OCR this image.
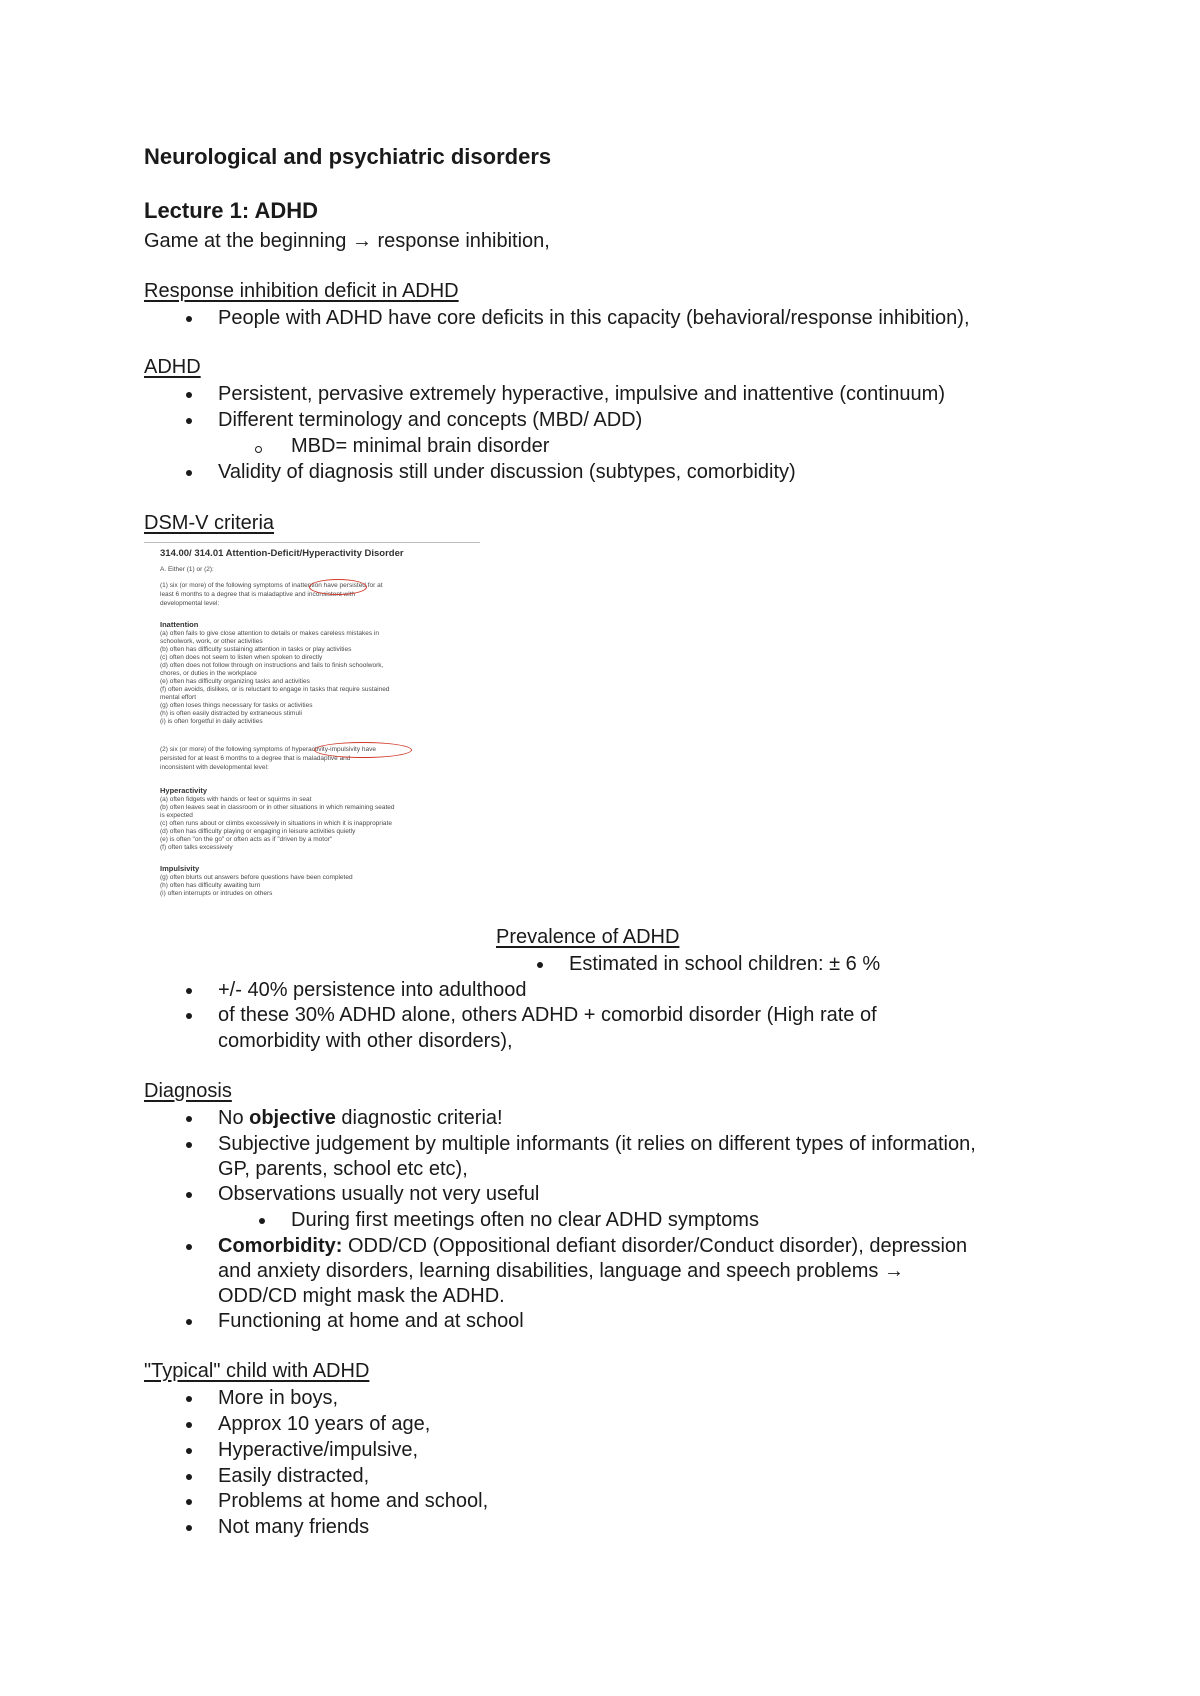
Neurological and psychiatric disorders
Lecture 1: ADHD
Game at the beginning → response inhibition,
Response inhibition deficit in ADHD
People with ADHD have core deficits in this capacity (behavioral/response inhibition),
ADHD
Persistent, pervasive extremely hyperactive, impulsive and inattentive (continuum)
Different terminology and concepts (MBD/ ADD)
MBD= minimal brain disorder
Validity of diagnosis still under discussion (subtypes, comorbidity)
DSM-V criteria
314.00/ 314.01 Attention-Deficit/Hyperactivity Disorder
A. Either (1) or (2):
(1) six (or more) of the following symptoms of inattention have persisted for at
least 6 months to a degree that is maladaptive and inconsistent with
developmental level:
Inattention
(a) often fails to give close attention to details or makes careless mistakes in
schoolwork, work, or other activities
(b) often has difficulty sustaining attention in tasks or play activities
(c) often does not seem to listen when spoken to directly
(d) often does not follow through on instructions and fails to finish schoolwork,
chores, or duties in the workplace
(e) often has difficulty organizing tasks and activities
(f) often avoids, dislikes, or is reluctant to engage in tasks that require sustained
mental effort
(g) often loses things necessary for tasks or activities
(h) is often easily distracted by extraneous stimuli
(i) is often forgetful in daily activities
(2) six (or more) of the following symptoms of hyperactivity-impulsivity have
persisted for at least 6 months to a degree that is maladaptive and
inconsistent with developmental level:
Hyperactivity
(a) often fidgets with hands or feet or squirms in seat
(b) often leaves seat in classroom or in other situations in which remaining seated
is expected
(c) often runs about or climbs excessively in situations in which it is inappropriate
(d) often has difficulty playing or engaging in leisure activities quietly
(e) is often "on the go" or often acts as if "driven by a motor"
(f) often talks excessively
Impulsivity
(g) often blurts out answers before questions have been completed
(h) often has difficulty awaiting turn
(i) often interrupts or intrudes on others
Prevalence of ADHD
Estimated in school children: ± 6 %
+/- 40% persistence into adulthood
of these 30% ADHD alone, others ADHD + comorbid disorder (High rate of
comorbidity with other disorders),
Diagnosis
No objective diagnostic criteria!
Subjective judgement by multiple informants (it relies on different types of information,
GP, parents, school etc etc),
Observations usually not very useful
During first meetings often no clear ADHD symptoms
Comorbidity: ODD/CD (Oppositional defiant disorder/Conduct disorder), depression
and anxiety disorders, learning disabilities, language and speech problems →
ODD/CD might mask the ADHD.
Functioning at home and at school
"Typical" child with ADHD
More in boys,
Approx 10 years of age,
Hyperactive/impulsive,
Easily distracted,
Problems at home and school,
Not many friends
